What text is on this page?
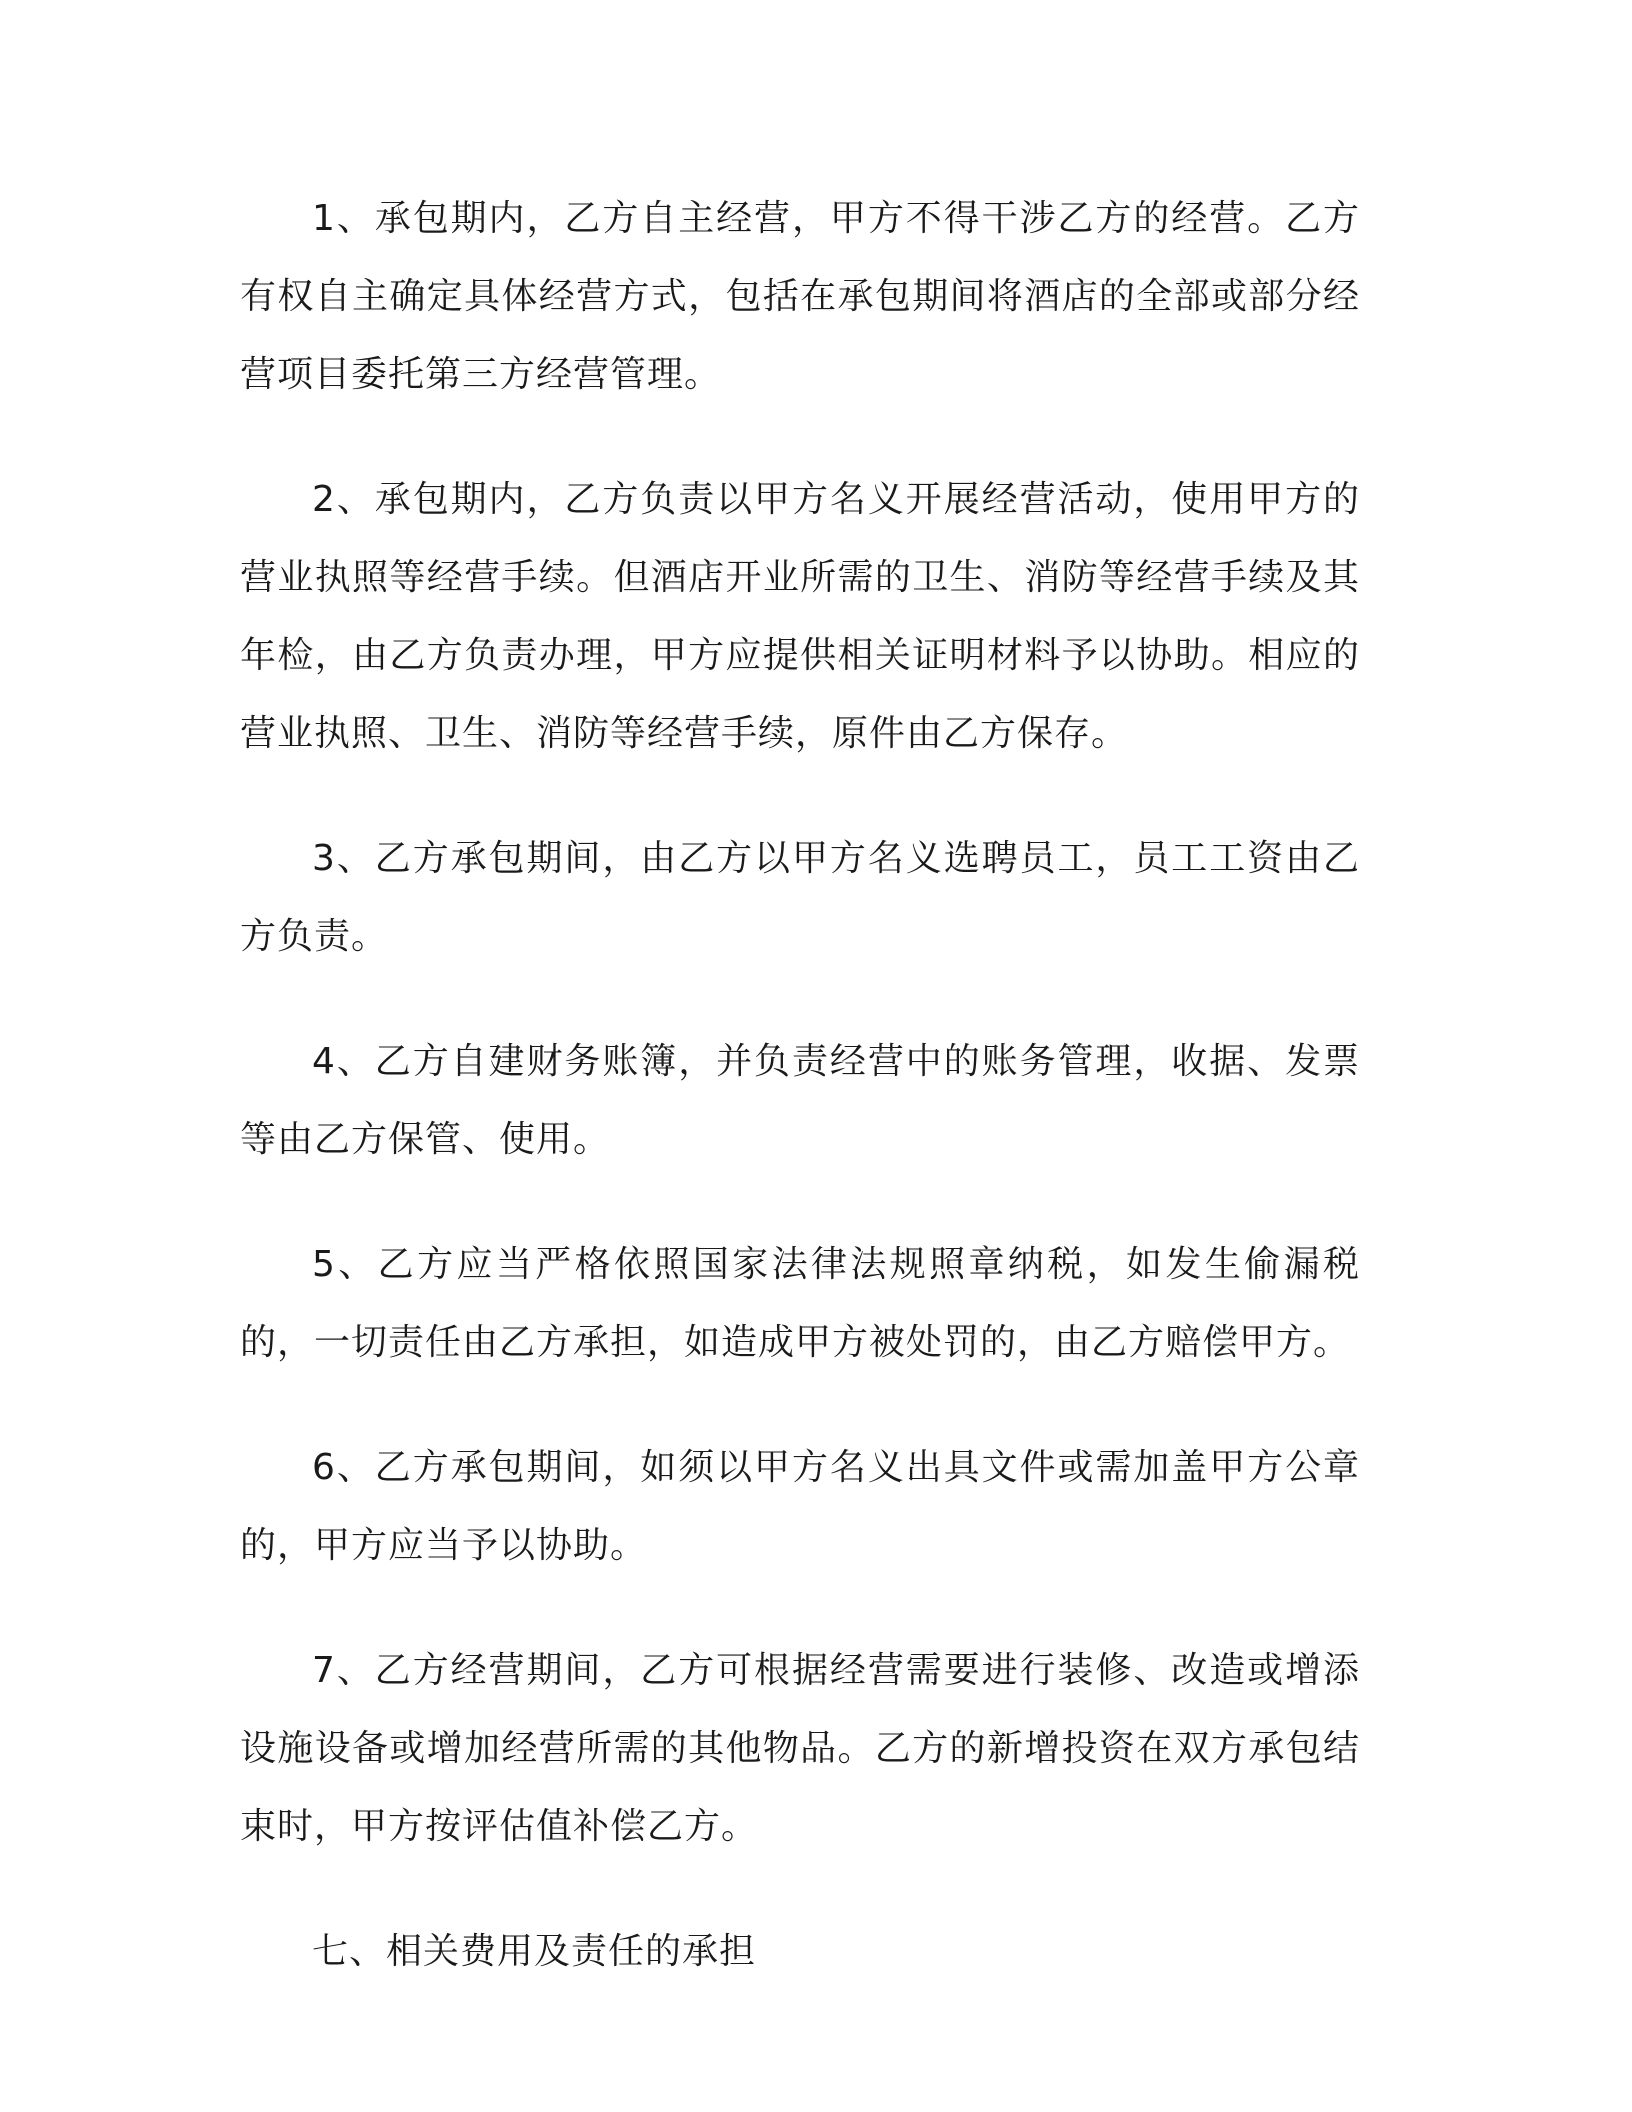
1、承包期内，乙方自主经营，甲方不得干涉乙方的经营。乙方有权自主确定具体经营方式，包括在承包期间将酒店的全部或部分经营项目委托第三方经营管理。

2、承包期内，乙方负责以甲方名义开展经营活动，使用甲方的营业执照等经营手续。但酒店开业所需的卫生、消防等经营手续及其年检，由乙方负责办理，甲方应提供相关证明材料予以协助。相应的营业执照、卫生、消防等经营手续，原件由乙方保存。

3、乙方承包期间，由乙方以甲方名义选聘员工，员工工资由乙方负责。

4、乙方自建财务账簿，并负责经营中的账务管理，收据、发票等由乙方保管、使用。

5、乙方应当严格依照国家法律法规照章纳税，如发生偷漏税的，一切责任由乙方承担，如造成甲方被处罚的，由乙方赔偿甲方。

6、乙方承包期间，如须以甲方名义出具文件或需加盖甲方公章的，甲方应当予以协助。

7、乙方经营期间，乙方可根据经营需要进行装修、改造或增添设施设备或增加经营所需的其他物品。乙方的新增投资在双方承包结束时，甲方按评估值补偿乙方。

七、相关费用及责任的承担
